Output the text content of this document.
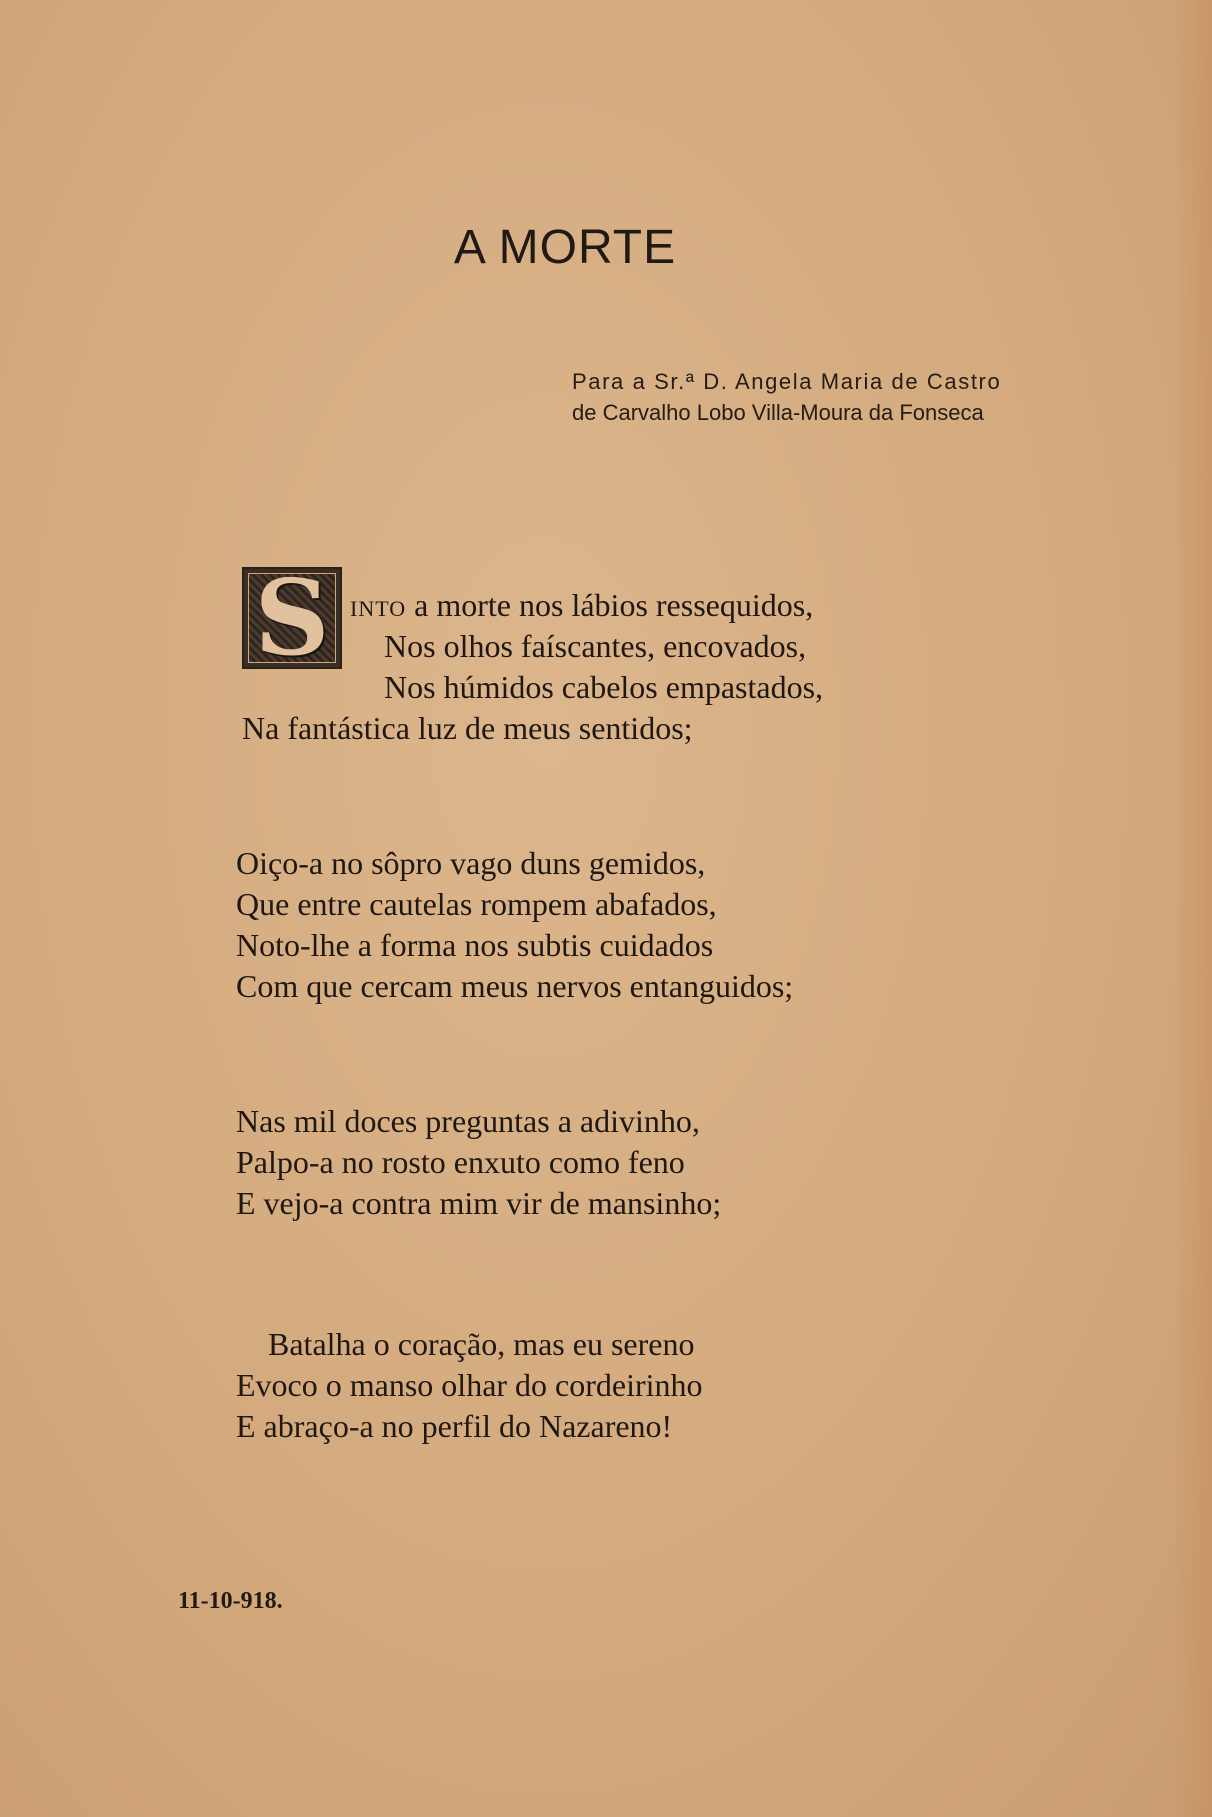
A MORTE
Para a Sr.ª D. Angela Maria de Castro
de Carvalho Lobo Villa-Moura da Fonseca
S INTO a morte nos lábios ressequidos,
Nos olhos faíscantes, encovados,
Nos húmidos cabelos empastados,
Na fantástica luz de meus sentidos;
Oiço-a no sôpro vago duns gemidos,
Que entre cautelas rompem abafados,
Noto-lhe a forma nos subtis cuidados
Com que cercam meus nervos entanguidos;
Nas mil doces preguntas a adivinho,
Palpo-a no rosto enxuto como feno
E vejo-a contra mim vir de mansinho;
Batalha o coração, mas eu sereno
Evoco o manso olhar do cordeirinho
E abraço-a no perfil do Nazareno!
11-10-918.
